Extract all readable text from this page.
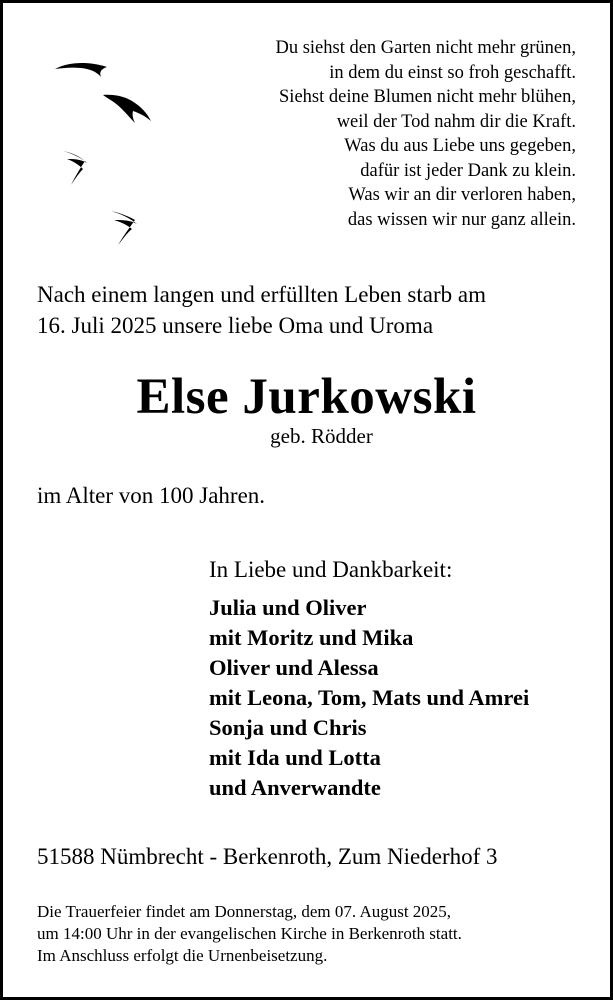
Du siehst den Garten nicht mehr grünen,
in dem du einst so froh geschafft.
Siehst deine Blumen nicht mehr blühen,
weil der Tod nahm dir die Kraft.
Was du aus Liebe uns gegeben,
dafür ist jeder Dank zu klein.
Was wir an dir verloren haben,
das wissen wir nur ganz allein.
Nach einem langen und erfüllten Leben starb am
16. Juli 2025 unsere liebe Oma und Uroma
Else Jurkowski
geb. Rödder
im Alter von 100 Jahren.
In Liebe und Dankbarkeit:
Julia und Oliver
mit Moritz und Mika
Oliver und Alessa
mit Leona, Tom, Mats und Amrei
Sonja und Chris
mit Ida und Lotta
und Anverwandte
51588 Nümbrecht - Berkenroth, Zum Niederhof 3
Die Trauerfeier findet am Donnerstag, dem 07. August 2025,
um 14:00 Uhr in der evangelischen Kirche in Berkenroth statt.
Im Anschluss erfolgt die Urnenbeisetzung.
